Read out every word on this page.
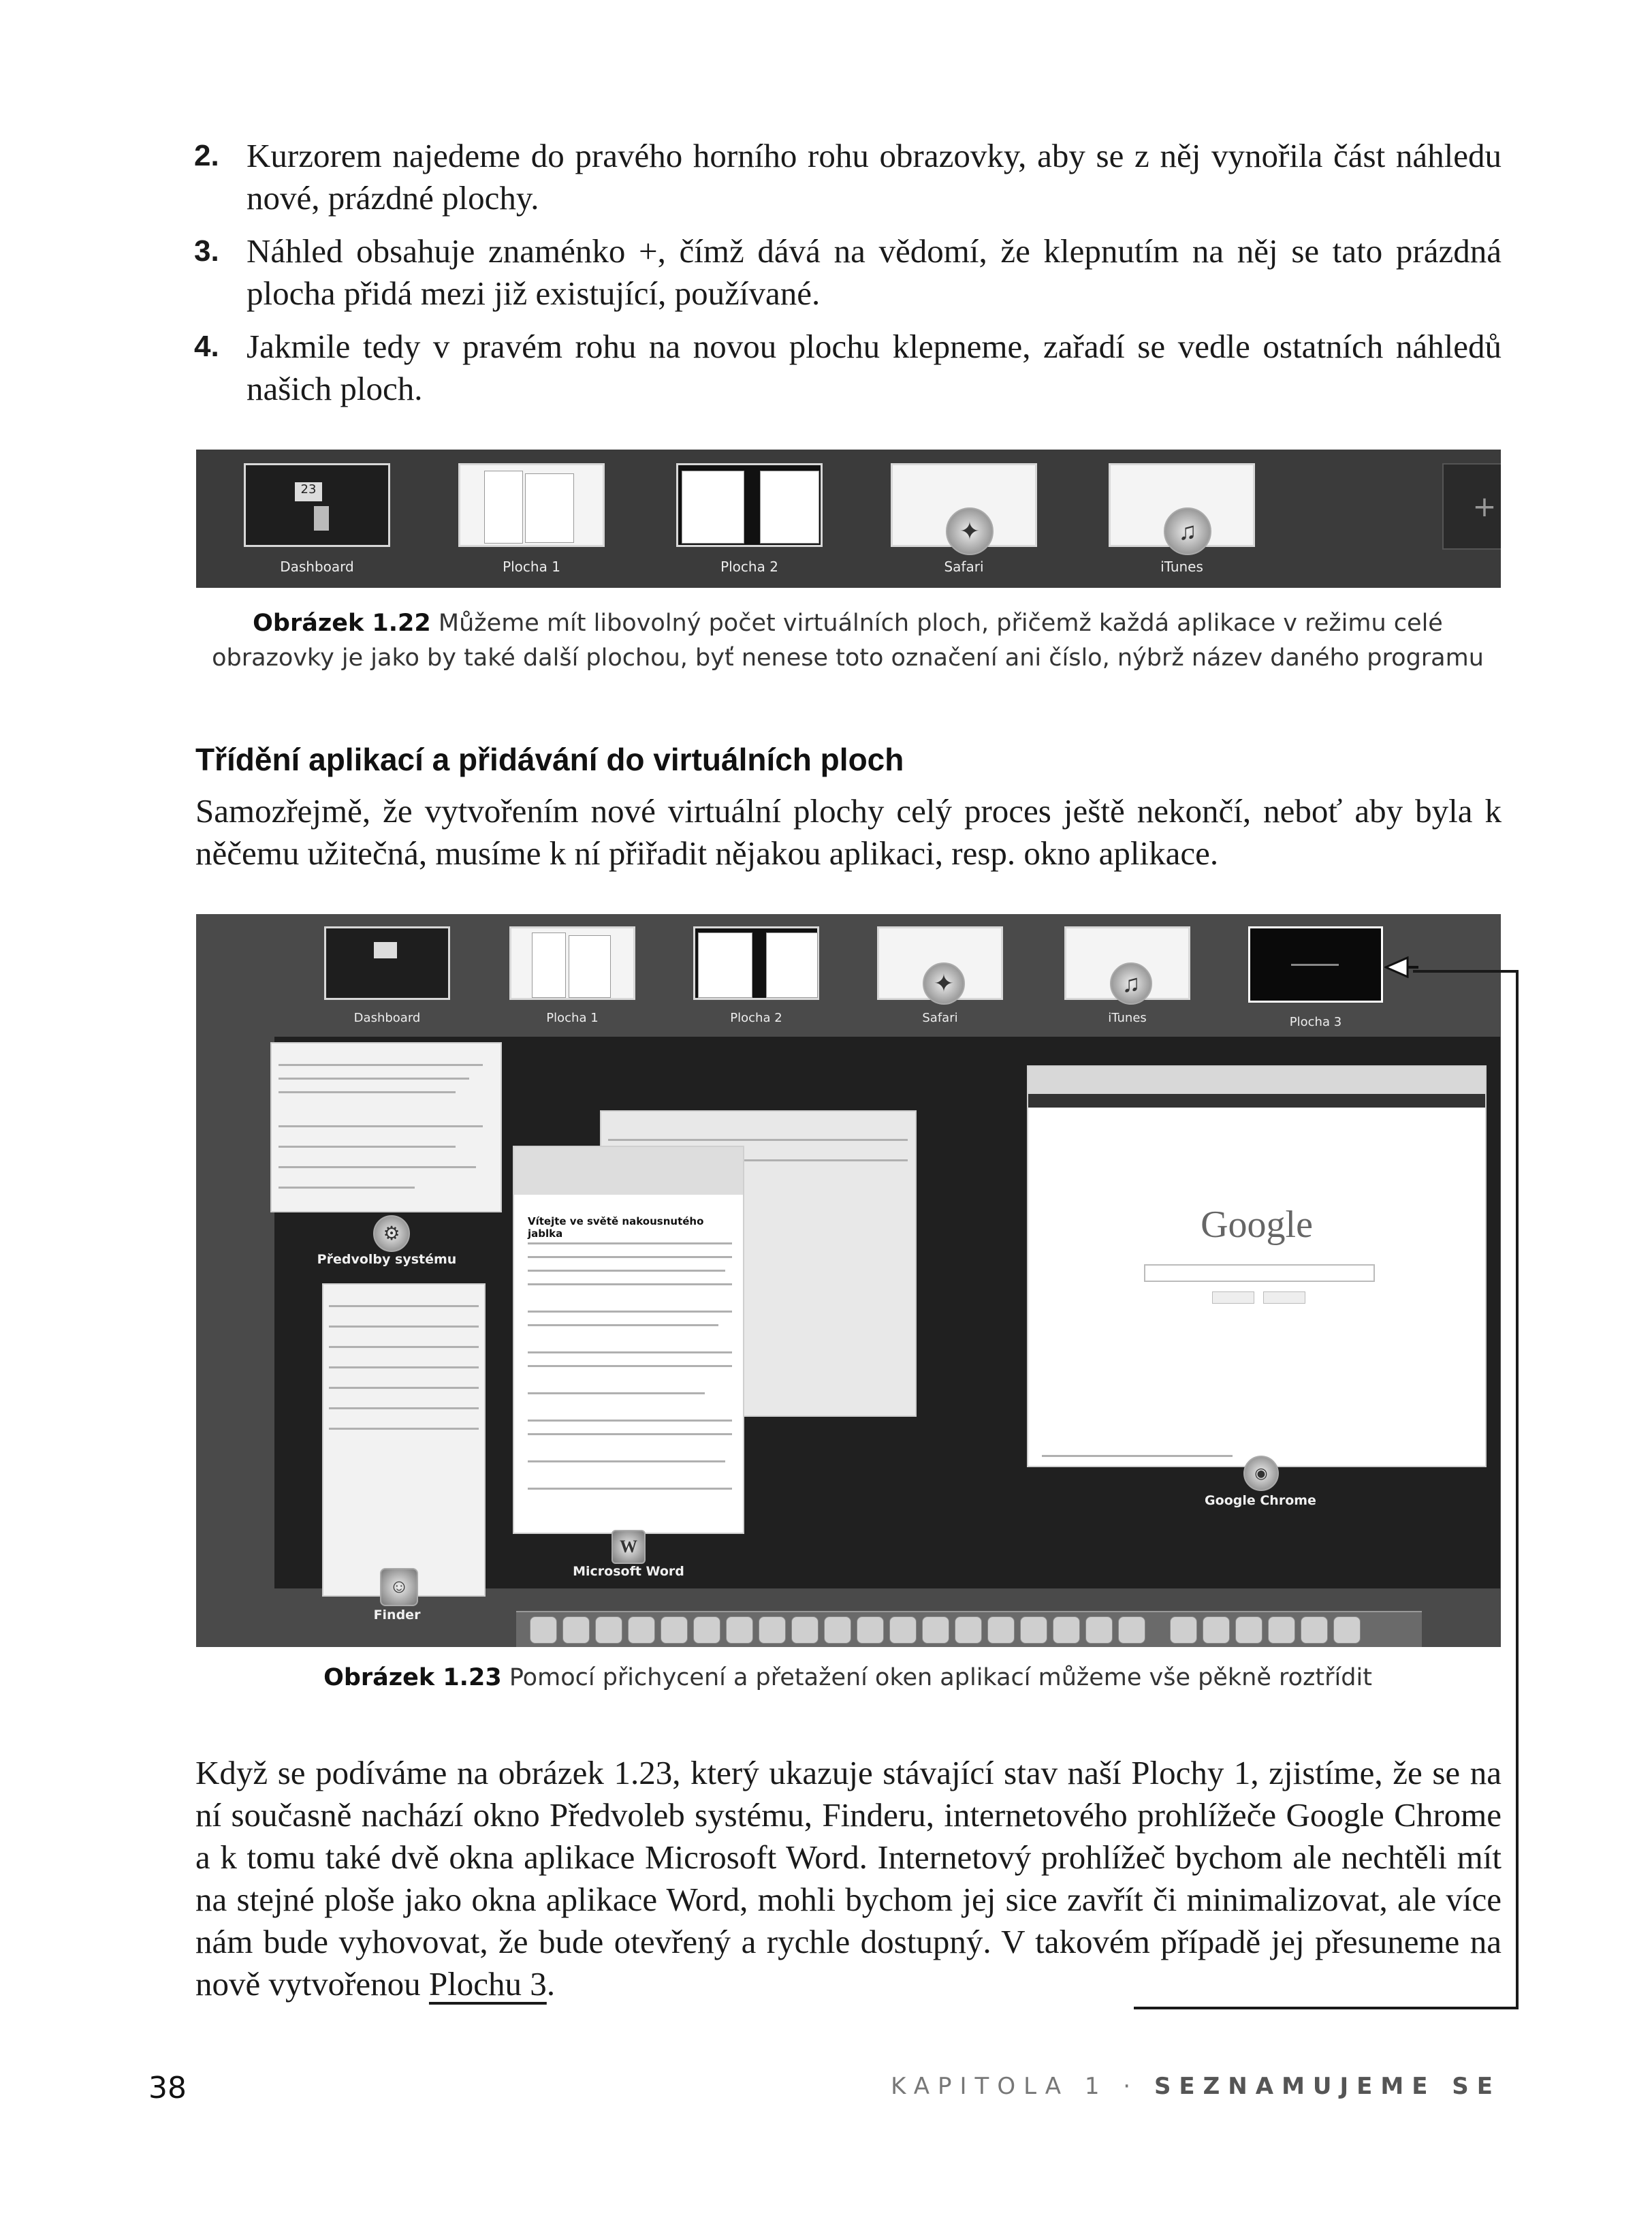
2. Kurzorem najedeme do pravého horního rohu obrazovky, aby se z něj vynořila část náhledu nové, prázdné plochy.
3. Náhled obsahuje znaménko +, čímž dává na vědomí, že klepnutím na něj se tato prázdná plocha přidá mezi již existující, používané.
4. Jakmile tedy v pravém rohu na novou plochu klepneme, zařadí se vedle ostatních náhledů našich ploch.
23
Dashboard	Plocha 1	Plocha 2
✦
Safari
♫
iTunes
+
Obrázek 1.22 Můžeme mít libovolný počet virtuálních ploch, přičemž každá aplikace v režimu celé obrazovky je jako by také další plochou, byť nenese toto označení ani číslo, nýbrž název daného programu
Třídění aplikací a přidávání do virtuálních ploch
Samozřejmě, že vytvořením nové virtuální plochy celý proces ještě nekončí, neboť aby byla k něčemu užitečná, musíme k ní přiřadit nějakou aplikaci, resp. okno aplikace.
Dashboard	Plocha 1	Plocha 2
✦
Safari
♫
iTunes	Plocha 3
⚙
Předvolby systému
☺
Finder
Vítejte ve světě nakousnutého jablka
W
Microsoft Word
Google
◉
Google Chrome
Obrázek 1.23 Pomocí přichycení a přetažení oken aplikací můžeme vše pěkně roztřídit
Když se podíváme na obrázek 1.23, který ukazuje stávající stav naší Plochy 1, zjistíme, že se na ní současně nachází okno Předvoleb systému, Finderu, internetového prohlížeče Google Chrome a k tomu také dvě okna aplikace Microsoft Word. Internetový prohlížeč bychom ale nechtěli mít na stejné ploše jako okna aplikace Word, mohli bychom jej sice zavřít či minimalizovat, ale více nám bude vyhovovat, že bude otevřený a rychle dostupný. V takovém případě jej přesuneme na nově vytvořenou Plochu 3.
38	KAPITOLA 1 · SEZNAMUJEME SE
